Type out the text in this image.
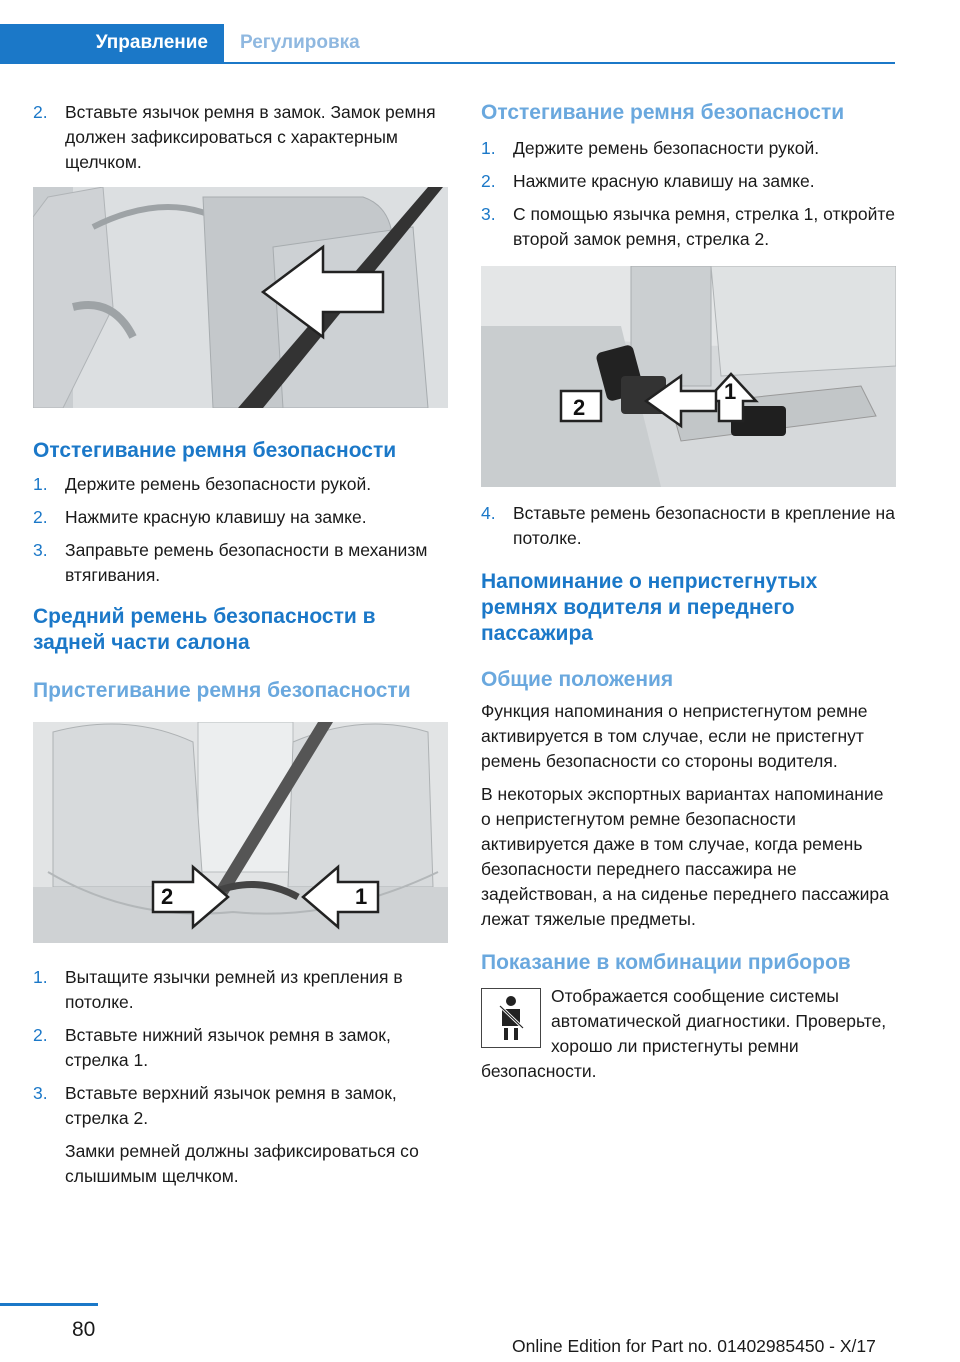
Управление	Регулировка
2. Вставьте язычок ремня в замок. Замок ремня должен зафиксироваться с характерным щелчком.
Отстегивание ремня безопасности
1. Держите ремень безопасности рукой.
2. Нажмите красную клавишу на замке.
3. Заправьте ремень безопасности в механизм втягивания.
Средний ремень безопасности в задней части салона
Пристегивание ремня безопасности
2	1
1. Вытащите язычки ремней из крепления в потолке.
2. Вставьте нижний язычок ремня в замок, стрелка 1.
3. Вставьте верхний язычок ремня в замок, стрелка 2.
Замки ремней должны зафиксироваться со слышимым щелчком.
Отстегивание ремня безопасности
1. Держите ремень безопасности рукой.
2. Нажмите красную клавишу на замке.
3. С помощью язычка ремня, стрелка 1, откройте второй замок ремня, стрелка 2.
2
1
4. Вставьте ремень безопасности в крепление на потолке.
Напоминание о непристегнутых ремнях водителя и переднего пассажира
Общие положения
Функция напоминания о непристегнутом ремне активируется в том случае, если не пристегнут ремень безопасности со стороны водителя.
В некоторых экспортных вариантах напоминание о непристегнутом ремне безопасности активируется даже в том случае, когда ремень безопасности переднего пассажира не задействован, а на сиденье переднего пассажира лежат тяжелые предметы.
Показание в комбинации приборов
Отображается сообщение системы автоматической диагностики. Проверьте, хорошо ли пристегнуты ремни безопасности.
80
Online Edition for Part no. 01402985450 - X/17
